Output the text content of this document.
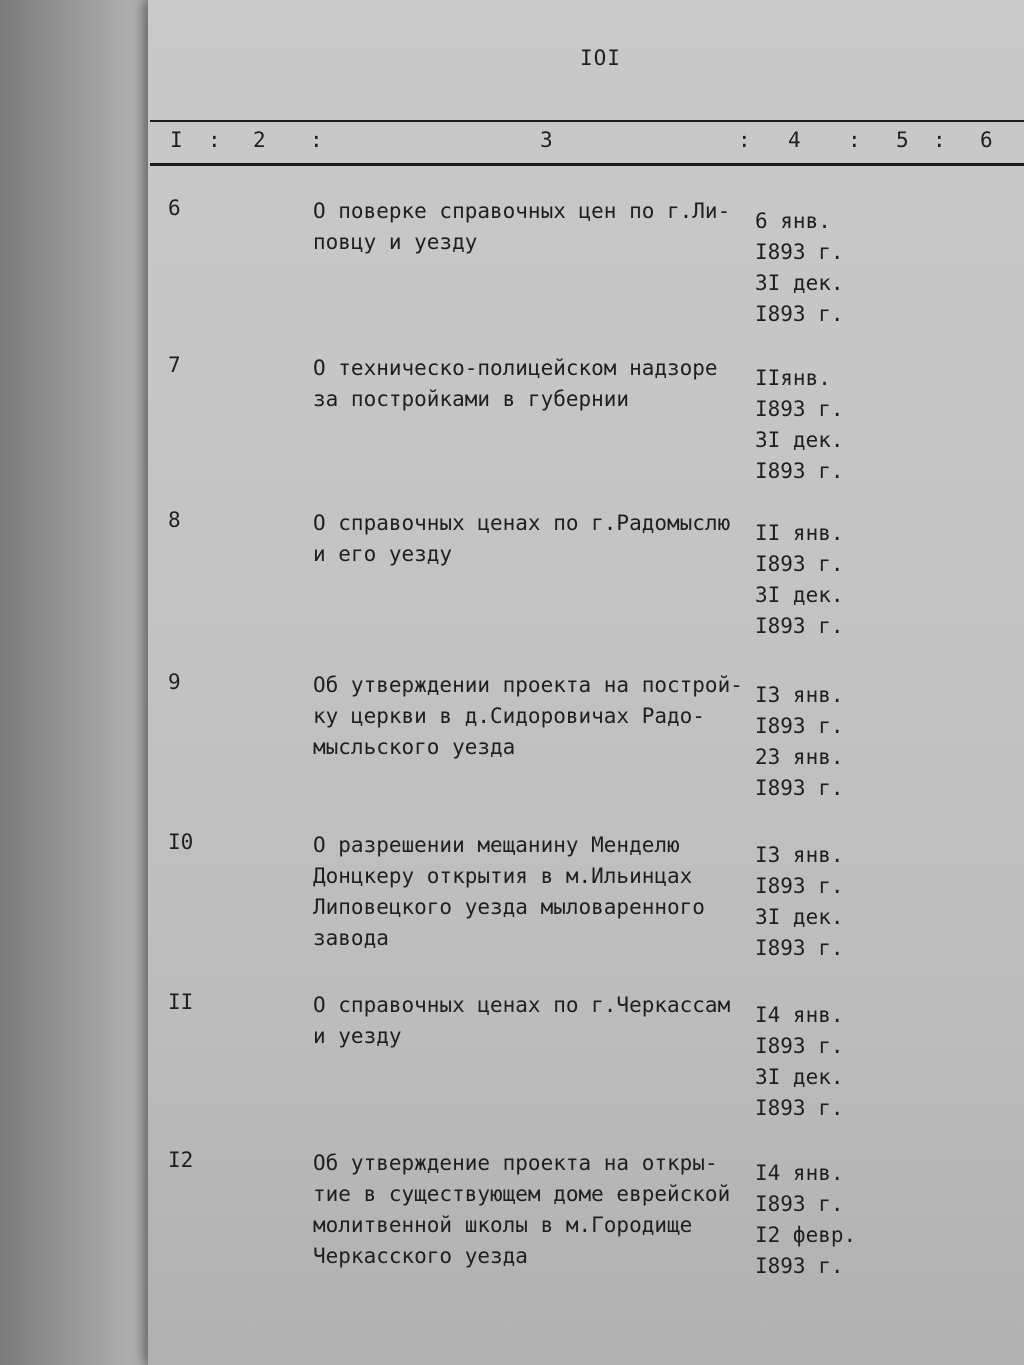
IOI
I : 2 :	3	: 4 : 5 : 6
6	О поверке справочных цен по г.Ли-
повцу и уезду
6 янв.
I893 г.
3I дек.
I893 г.
7	О техническо-полицейском надзоре
за постройками в губернии
IIянв.
I893 г.
3I дек.
I893 г.
8	О справочных ценах по г.Радомыслю
и его уезду
II янв.
I893 г.
3I дек.
I893 г.
9	Об утверждении проекта на построй-
ку церкви в д.Сидоровичах Радо-
мысльского уезда
I3 янв.
I893 г.
23 янв.
I893 г.
I0	О разрешении мещанину Менделю
Донцкеру открытия в м.Ильинцах
Липовецкого уезда мыловаренного
завода
I3 янв.
I893 г.
3I дек.
I893 г.
II	О справочных ценах по г.Черкассам
и уезду
I4 янв.
I893 г.
3I дек.
I893 г.
I2	Об утверждение проекта на откры-
тие в существующем доме еврейской
молитвенной школы в м.Городище
Черкасского уезда
I4 янв.
I893 г.
I2 февр.
I893 г.
